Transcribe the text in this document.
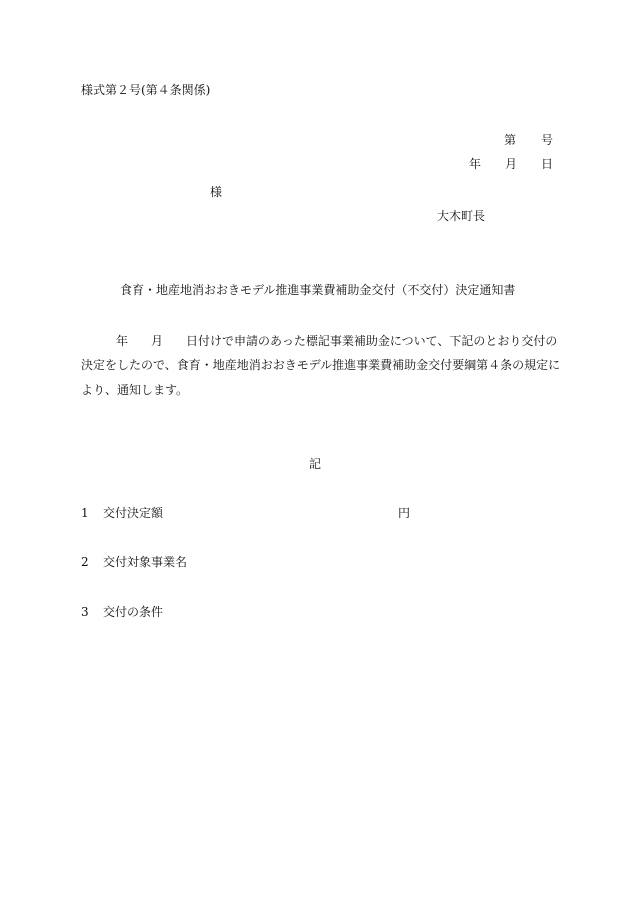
様式第２号(第４条関係)
第 号
年 月 日
様
大木町長
食育・地産地消おおきモデル推進事業費補助金交付（不交付）決定通知書
年 月 日付けで申請のあった標記事業補助金について、下記のとおり交付の
決定をしたので、食育・地産地消おおきモデル推進事業費補助金交付要綱第４条の規定に
より、通知します。
記
1 交付決定額	円
2 交付対象事業名
3 交付の条件
